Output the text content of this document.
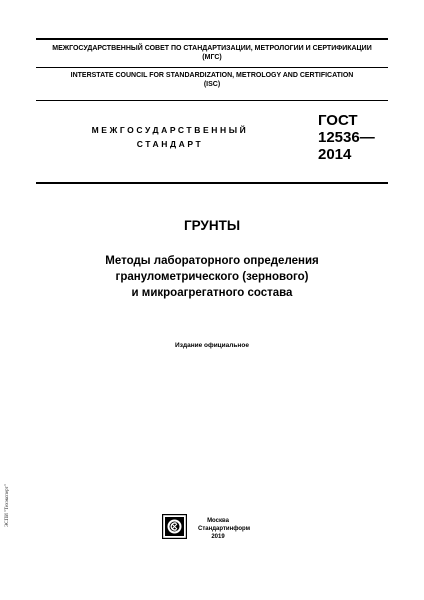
МЕЖГОСУДАРСТВЕННЫЙ СОВЕТ ПО СТАНДАРТИЗАЦИИ, МЕТРОЛОГИИ И СЕРТИФИКАЦИИ
(МГС)
INTERSTATE COUNCIL FOR STANDARDIZATION, METROLOGY AND CERTIFICATION
(ISC)
МЕЖГОСУДАРСТВЕННЫЙ
СТАНДАРТ
ГОСТ
12536—
2014
ГРУНТЫ
Методы лабораторного определения
гранулометрического (зернового)
и микроагрегатного состава
Издание официальное
Москва
Стандартинформ
2019
ЭСПИ "Техэксперт"
